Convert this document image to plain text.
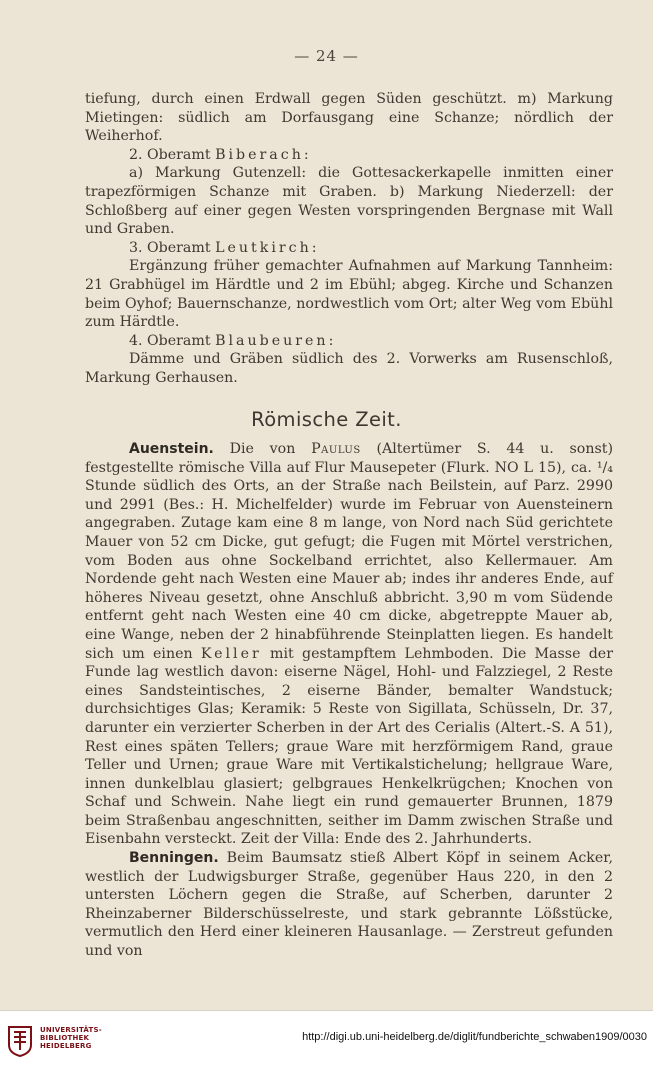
— 24 —

tiefung, durch einen Erdwall gegen Süden geschützt. m) Markung Mietingen: südlich am Dorfausgang eine Schanze; nördlich der Weiherhof.

2. Oberamt Biberach:

a) Markung Gutenzell: die Gottesackerkapelle inmitten einer trapezförmigen Schanze mit Graben. b) Markung Niederzell: der Schloßberg auf einer gegen Westen vorspringenden Bergnase mit Wall und Graben.

3. Oberamt Leutkirch:

Ergänzung früher gemachter Aufnahmen auf Markung Tannheim: 21 Grabhügel im Härdtle und 2 im Ebühl; abgeg. Kirche und Schanzen beim Oyhof; Bauernschanze, nordwestlich vom Ort; alter Weg vom Ebühl zum Härdtle.

4. Oberamt Blaubeuren:

Dämme und Gräben südlich des 2. Vorwerks am Rusenschloß, Markung Gerhausen.

Römische Zeit.

Auenstein. Die von Paulus (Altertümer S. 44 u. sonst) festgestellte römische Villa auf Flur Mausepeter (Flurk. NO L 15), ca. ¹/₄ Stunde südlich des Orts, an der Straße nach Beilstein, auf Parz. 2990 und 2991 (Bes.: H. Michelfelder) wurde im Februar von Auensteinern angegraben. Zutage kam eine 8 m lange, von Nord nach Süd gerichtete Mauer von 52 cm Dicke, gut gefugt; die Fugen mit Mörtel verstrichen, vom Boden aus ohne Sockelband errichtet, also Kellermauer. Am Nordende geht nach Westen eine Mauer ab; indes ihr anderes Ende, auf höheres Niveau gesetzt, ohne Anschluß abbricht. 3,90 m vom Südende entfernt geht nach Westen eine 40 cm dicke, abgetreppte Mauer ab, eine Wange, neben der 2 hinabführende Steinplatten liegen. Es handelt sich um einen Keller mit gestampftem Lehmboden. Die Masse der Funde lag westlich davon: eiserne Nägel, Hohl- und Falzziegel, 2 Reste eines Sandsteintisches, 2 eiserne Bänder, bemalter Wandstuck; durchsichtiges Glas; Keramik: 5 Reste von Sigillata, Schüsseln, Dr. 37, darunter ein verzierter Scherben in der Art des Cerialis (Altert.-S. A 51), Rest eines späten Tellers; graue Ware mit herzförmigem Rand, graue Teller und Urnen; graue Ware mit Vertikalstichelung; hellgraue Ware, innen dunkelblau glasiert; gelbgraues Henkelkrügchen; Knochen von Schaf und Schwein. Nahe liegt ein rund gemauerter Brunnen, 1879 beim Straßenbau angeschnitten, seither im Damm zwischen Straße und Eisenbahn versteckt. Zeit der Villa: Ende des 2. Jahrhunderts.

Benningen. Beim Baumsatz stieß Albert Köpf in seinem Acker, westlich der Ludwigsburger Straße, gegenüber Haus 220, in den 2 untersten Löchern gegen die Straße, auf Scherben, darunter 2 Rheinzaberner Bilderschüsselreste, und stark gebrannte Lößstücke, vermutlich den Herd einer kleineren Hausanlage. — Zerstreut gefunden und von

UNIVERSITÄTS-
BIBLIOTHEK
HEIDELBERG
http://digi.ub.uni-heidelberg.de/diglit/fundberichte_schwaben1909/0030
